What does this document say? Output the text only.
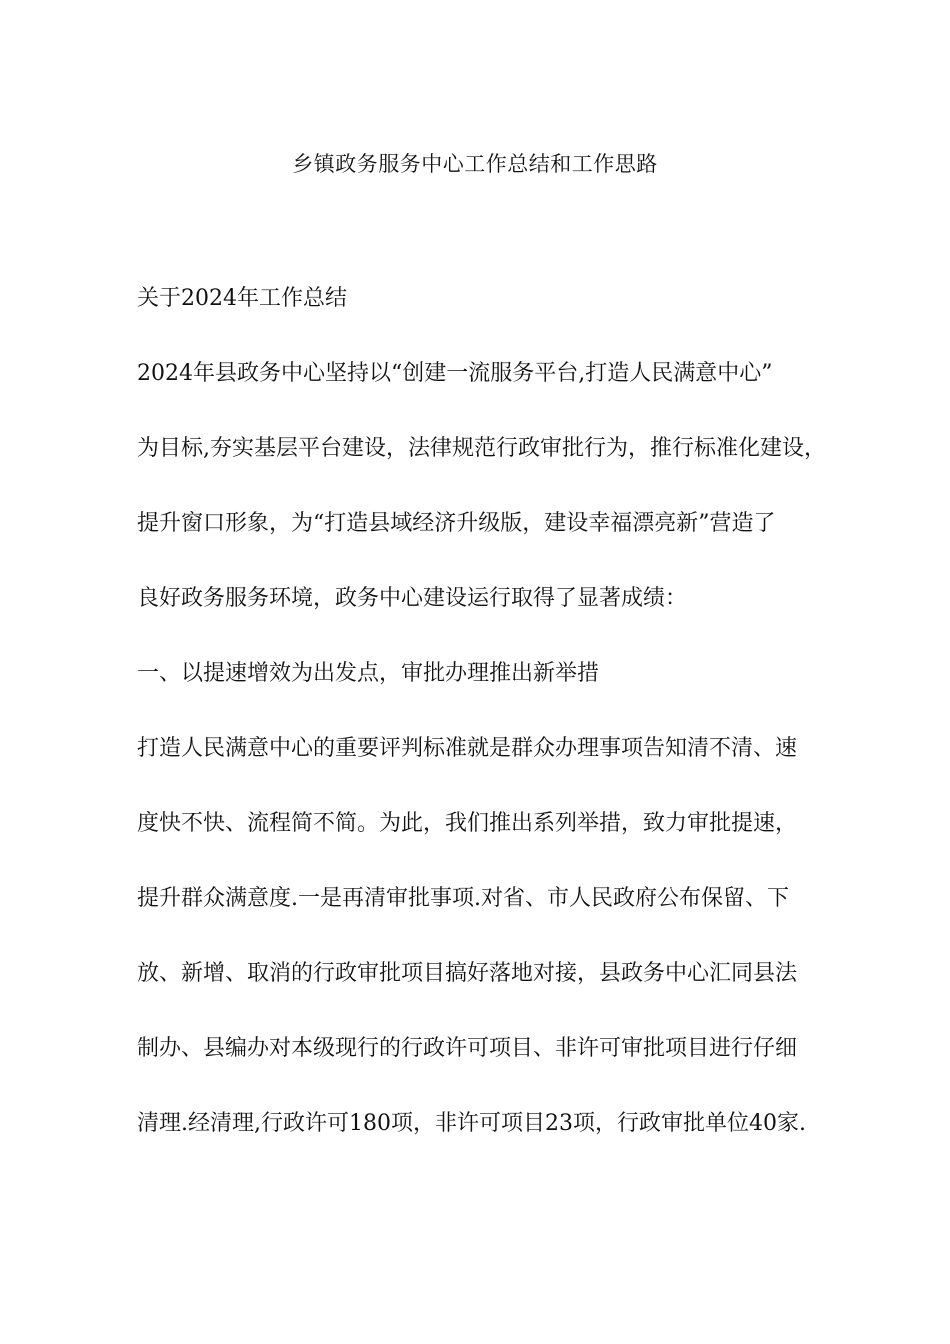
乡镇政务服务中心工作总结和工作思路
关于2024年工作总结
2024年县政务中心坚持以“创建一流服务平台,打造人民满意中心”
为目标,夯实基层平台建设，法律规范行政审批行为，推行标准化建设，
提升窗口形象，为“打造县域经济升级版，建设幸福漂亮新”营造了
良好政务服务环境，政务中心建设运行取得了显著成绩：
一、以提速增效为出发点，审批办理推出新举措
打造人民满意中心的重要评判标准就是群众办理事项告知清不清、速
度快不快、流程简不简。为此，我们推出系列举措，致力审批提速，
提升群众满意度.一是再清审批事项.对省、市人民政府公布保留、下
放、新增、取消的行政审批项目搞好落地对接，县政务中心汇同县法
制办、县编办对本级现行的行政许可项目、非许可审批项目进行仔细
清理.经清理,行政许可180项，非许可项目23项，行政审批单位40家.
